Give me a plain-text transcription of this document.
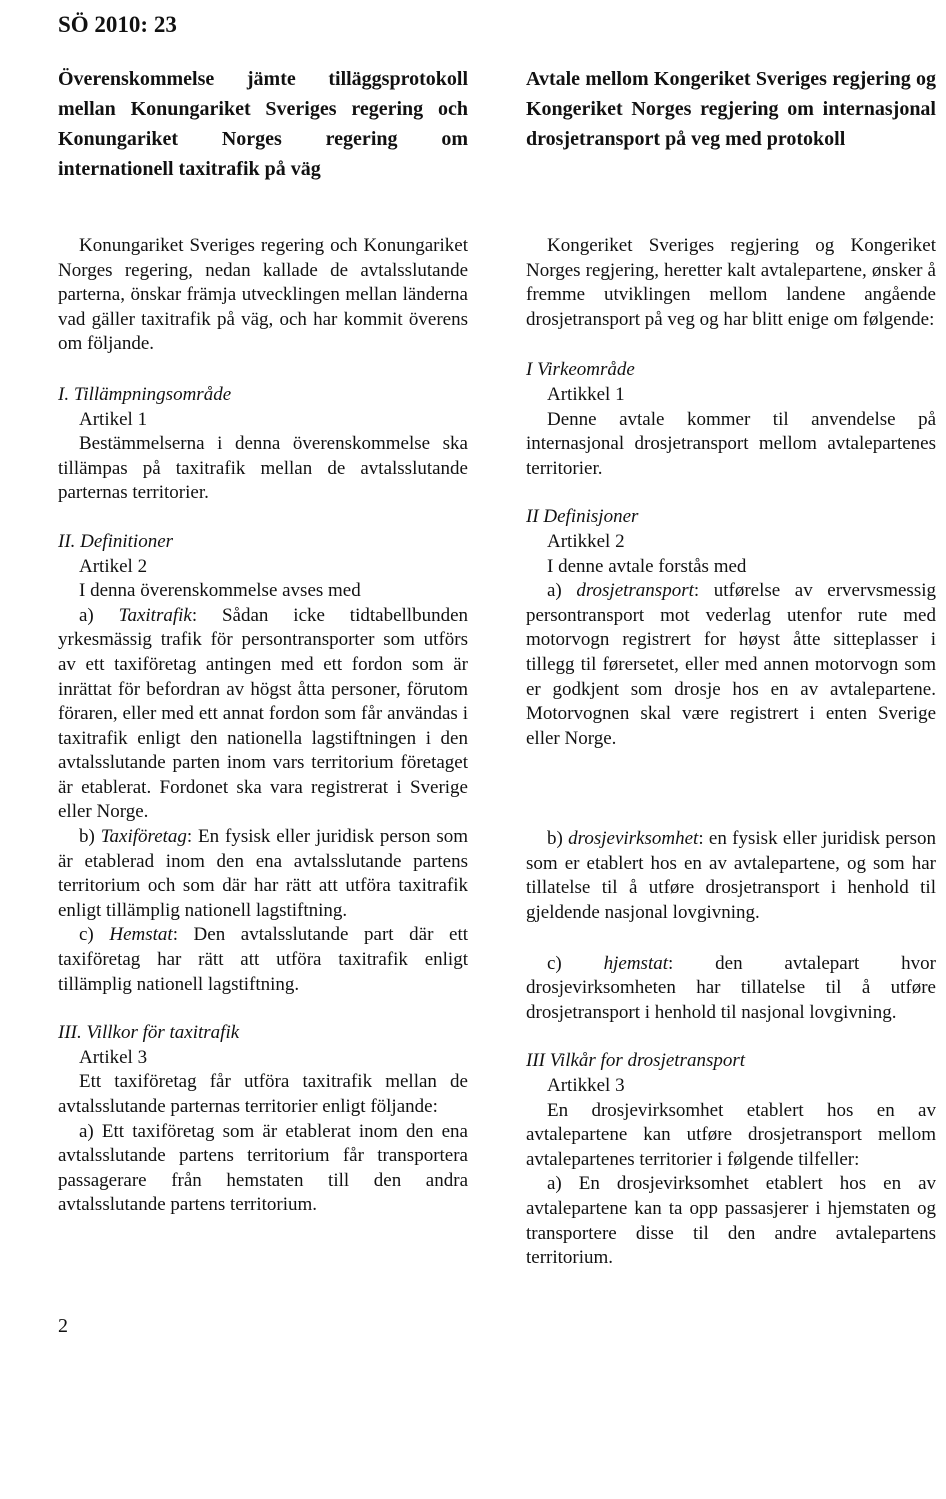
SÖ 2010: 23
Överenskommelse jämte tilläggsprotokoll mellan Konungariket Sveriges regering och Konungariket Norges regering om internationell taxitrafik på väg

Konungariket Sveriges regering och Konungariket Norges regering, nedan kallade de avtalsslutande parterna, önskar främja utvecklingen mellan länderna vad gäller taxitrafik på väg, och har kommit överens om följande.

I. Tillämpningsområde

Artikel 1

Bestämmelserna i denna överenskommelse ska tillämpas på taxitrafik mellan de avtalsslutande parternas territorier.

II. Definitioner

Artikel 2

I denna överenskommelse avses med

a) Taxitrafik: Sådan icke tidtabellbunden yrkesmässig trafik för persontransporter som utförs av ett taxiföretag antingen med ett fordon som är inrättat för befordran av högst åtta personer, förutom föraren, eller med ett annat fordon som får användas i taxitrafik enligt den nationella lagstiftningen i den avtalsslutande parten inom vars territorium företaget är etablerat. Fordonet ska vara registrerat i Sverige eller Norge.

b) Taxiföretag: En fysisk eller juridisk person som är etablerad inom den ena avtalsslutande partens territorium och som där har rätt att utföra taxitrafik enligt tillämplig nationell lagstiftning.

c) Hemstat: Den avtalsslutande part där ett taxiföretag har rätt att utföra taxitrafik enligt tillämplig nationell lagstiftning.

III. Villkor för taxitrafik

Artikel 3

Ett taxiföretag får utföra taxitrafik mellan de avtalsslutande parternas territorier enligt följande:

a) Ett taxiföretag som är etablerat inom den ena avtalsslutande partens territorium får transportera passagerare från hemstaten till den andra avtalsslutande partens territorium.

Avtale mellom Kongeriket Sveriges regjering og Kongeriket Norges regjering om internasjonal drosjetransport på veg med protokoll

Kongeriket Sveriges regjering og Kongeriket Norges regjering, heretter kalt avtalepartene, ønsker å fremme utviklingen mellom landene angående drosjetransport på veg og har blitt enige om følgende:

I Virkeområde

Artikkel 1

Denne avtale kommer til anvendelse på internasjonal drosjetransport mellom avtalepartenes territorier.

II Definisjoner

Artikkel 2

I denne avtale forstås med

a) drosjetransport: utførelse av ervervsmessig persontransport mot vederlag utenfor rute med motorvogn registrert for høyst åtte sitteplasser i tillegg til førersetet, eller med annen motorvogn som er godkjent som drosje hos en av avtalepartene. Motorvognen skal være registrert i enten Sverige eller Norge.

b) drosjevirksomhet: en fysisk eller juridisk person som er etablert hos en av avtalepartene, og som har tillatelse til å utføre drosjetransport i henhold til gjeldende nasjonal lovgivning.

c) hjemstat: den avtalepart hvor drosjevirksomheten har tillatelse til å utføre drosjetransport i henhold til nasjonal lovgivning.

III Vilkår for drosjetransport

Artikkel 3

En drosjevirksomhet etablert hos en av avtalepartene kan utføre drosjetransport mellom avtalepartenes territorier i følgende tilfeller:

a) En drosjevirksomhet etablert hos en av avtalepartene kan ta opp passasjerer i hjemstaten og transportere disse til den andre avtalepartens territorium.

2
